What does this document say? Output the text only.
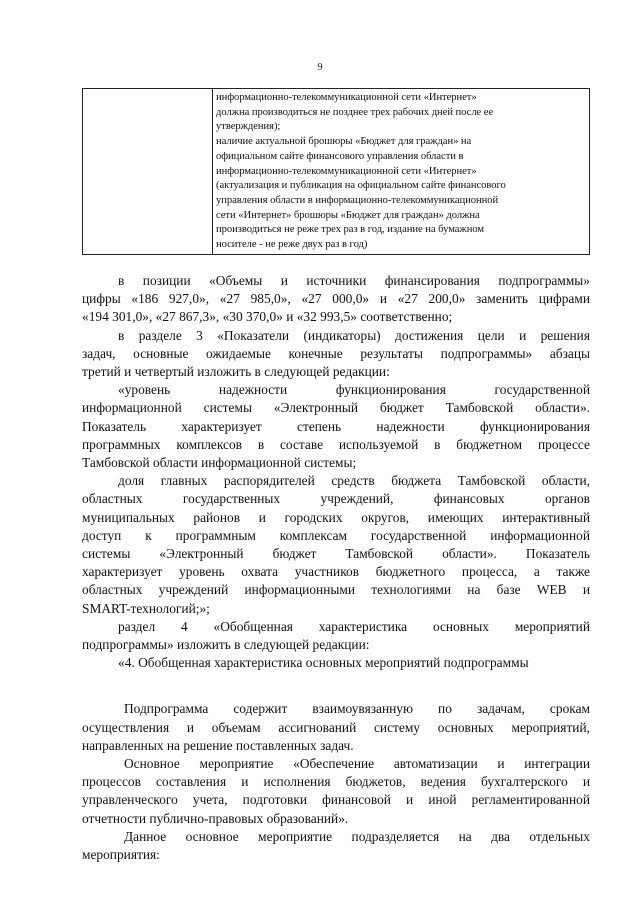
9
информационно-телекоммуникационной сети «Интернет»
должна производиться не позднее трех рабочих дней после ее
утверждения);
наличие актуальной брошюры «Бюджет для граждан» на
официальном сайте финансового управления области в
информационно-телекоммуникационной сети «Интернет»
(актуализация и публикация на официальном сайте финансового
управления области в информационно-телекоммуникационной
сети «Интернет» брошюры «Бюджет для граждан» должна
производиться не реже трех раз в год, издание на бумажном
носителе - не реже двух раз в год)

в позиции «Объемы и источники финансирования подпрограммы»

цифры «186 927,0», «27 985,0», «27 000,0» и «27 200,0» заменить цифрами

«194 301,0», «27 867,3», «30 370,0» и «32 993,5» соответственно;

в разделе 3 «Показатели (индикаторы) достижения цели и решения

задач, основные ожидаемые конечные результаты подпрограммы» абзацы

третий и четвертый изложить в следующей редакции:

«уровень надежности функционирования государственной

информационной системы «Электронный бюджет Тамбовской области».

Показатель характеризует степень надежности функционирования

программных комплексов в составе используемой в бюджетном процессе

Тамбовской области информационной системы;

доля главных распорядителей средств бюджета Тамбовской области,

областных государственных учреждений, финансовых органов

муниципальных районов и городских округов, имеющих интерактивный

доступ к программным комплексам государственной информационной

системы «Электронный бюджет Тамбовской области». Показатель

характеризует уровень охвата участников бюджетного процесса, а также

областных учреждений информационными технологиями на базе WEB и

SMART-технологий;»;

раздел 4 «Обобщенная характеристика основных мероприятий

подпрограммы» изложить в следующей редакции:

«4. Обобщенная характеристика основных мероприятий подпрограммы

Подпрограмма содержит взаимоувязанную по задачам, срокам

осуществления и объемам ассигнований систему основных мероприятий,

направленных на решение поставленных задач.

Основное мероприятие «Обеспечение автоматизации и интеграции

процессов составления и исполнения бюджетов, ведения бухгалтерского и

управленческого учета, подготовки финансовой и иной регламентированной

отчетности публично-правовых образований».

Данное основное мероприятие подразделяется на два отдельных

мероприятия:
